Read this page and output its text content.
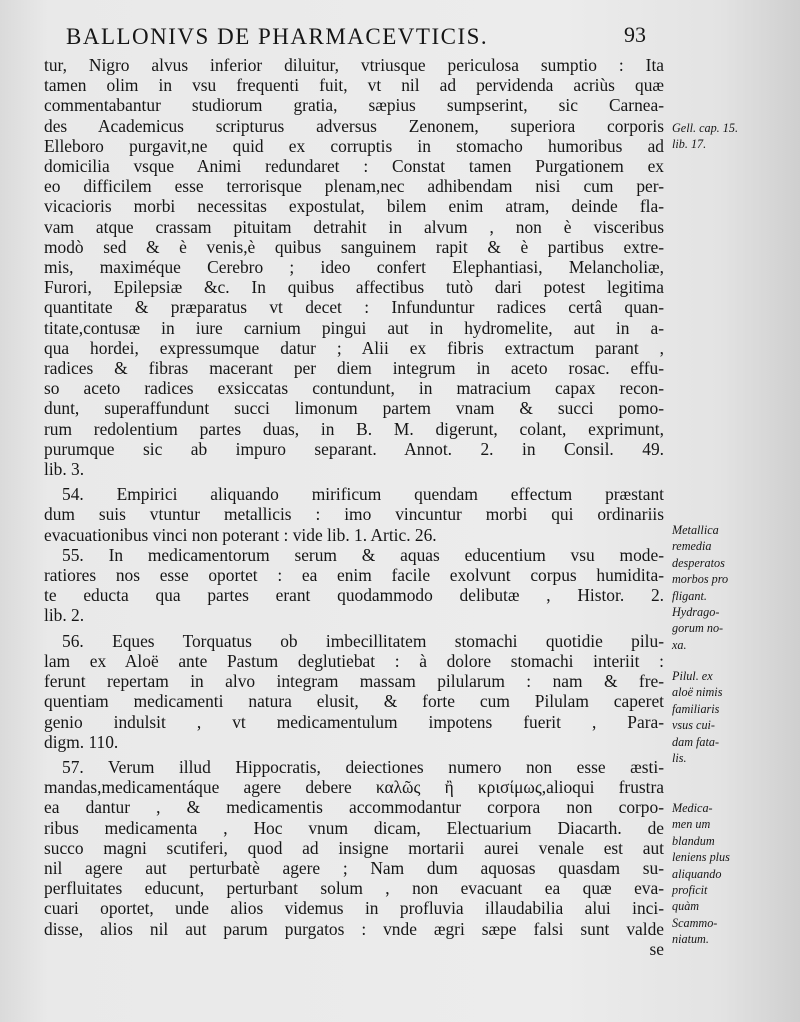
BALLONIVS DE PHARMACEVTICIS.	93
tur, Nigro alvus inferior diluitur, vtriusque periculosa sumptio : Ita
tamen olim in vsu frequenti fuit, vt nil ad pervidenda acriùs quæ
commentabantur studiorum gratia, sæpius sumpserint, sic Carnea-
des Academicus scripturus adversus Zenonem, superiora corporis
Elleboro purgavit,ne quid ex corruptis in stomacho humoribus ad
domicilia vsque Animi redundaret : Constat tamen Purgationem ex
eo difficilem esse terrorisque plenam,nec adhibendam nisi cum per-
vicacioris morbi necessitas expostulat, bilem enim atram, deinde fla-
vam atque crassam pituitam detrahit in alvum , non è visceribus
modò sed & è venis,è quibus sanguinem rapit & è partibus extre-
mis, maximéque Cerebro ; ideo confert Elephantiasi, Melancholiæ,
Furori, Epilepsiæ &c. In quibus affectibus tutò dari potest legitima
quantitate & præparatus vt decet : Infunduntur radices certâ quan-
titate,contusæ in iure carnium pingui aut in hydromelite, aut in a-
qua hordei, expressumque datur ; Alii ex fibris extractum parant ,
radices & fibras macerant per diem integrum in aceto rosac. effu-
so aceto radices exsiccatas contundunt, in matracium capax recon-
dunt, superaffundunt succi limonum partem vnam & succi pomo-
rum redolentium partes duas, in B. M. digerunt, colant, exprimunt,
purumque sic ab impuro separant. Annot. 2. in Consil. 49.
lib. 3.
54. Empirici aliquando mirificum quendam effectum præstant
dum suis vtuntur metallicis : imo vincuntur morbi qui ordinariis
evacuationibus vinci non poterant : vide lib. 1. Artic. 26.
55. In medicamentorum serum & aquas educentium vsu mode-
ratiores nos esse oportet : ea enim facile exolvunt corpus humidita-
te educta qua partes erant quodammodo delibutæ , Histor. 2.
lib. 2.
56. Eques Torquatus ob imbecillitatem stomachi quotidie pilu-
lam ex Aloë ante Pastum deglutiebat : à dolore stomachi interiit :
ferunt repertam in alvo integram massam pilularum : nam & fre-
quentiam medicamenti natura elusit, & forte cum Pilulam caperet
genio indulsit , vt medicamentulum impotens fuerit , Para-
digm. 110.
57. Verum illud Hippocratis, deiectiones numero non esse æsti-
mandas,medicamentáque agere debere καλῶς ἢ κρισίμως,alioqui frustra
ea dantur , & medicamentis accommodantur corpora non corpo-
ribus medicamenta , Hoc vnum dicam, Electuarium Diacarth. de
succo magni scutiferi, quod ad insigne mortarii aurei venale est aut
nil agere aut perturbatè agere ; Nam dum aquosas quasdam su-
perfluitates educunt, perturbant solum , non evacuant ea quæ eva-
cuari oportet, unde alios videmus in profluvia illaudabilia alui inci-
disse, alios nil aut parum purgatos : vnde ægri sæpe falsi sunt valde
se
Gell. cap. 15.
lib. 17.
Metallica
remedia
desperatos
morbos pro
fligant.
Hydrago-
gorum no-
xa.
Pilul. ex
aloë nimis
familiaris
vsus cui-
dam fata-
lis.
Medica-
men um
blandum
leniens plus
aliquando
proficit
quàm
Scammo-
niatum.
